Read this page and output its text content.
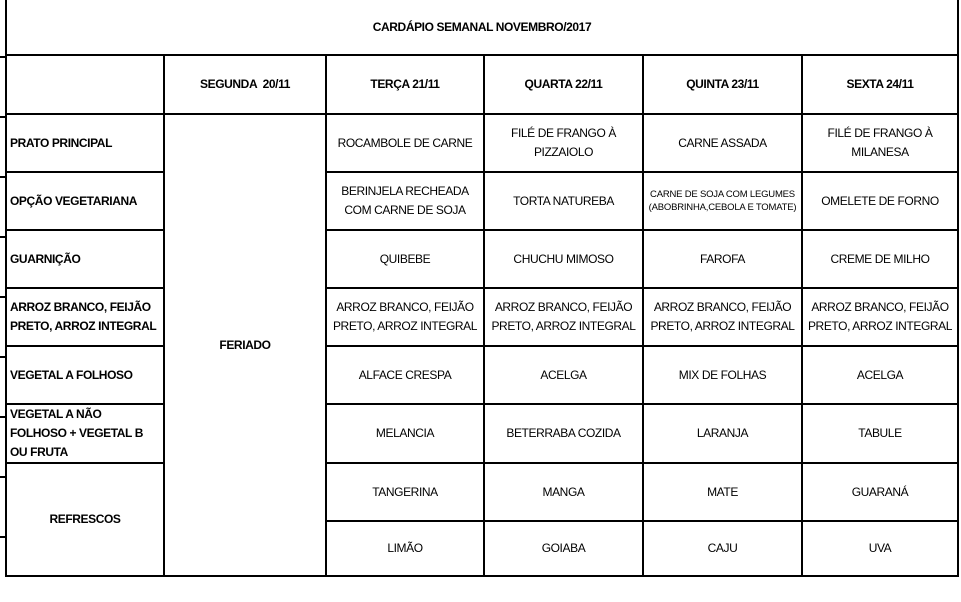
CARDÁPIO SEMANAL NOVEMBRO/2017					
	SEGUNDA  20/11	TERÇA 21/11	QUARTA 22/11	QUINTA 23/11	SEXTA 24/11
PRATO PRINCIPAL	FERIADO	ROCAMBOLE DE CARNE	FILÉ DE FRANGO À PIZZAIOLO	CARNE ASSADA	FILÉ DE FRANGO À MILANESA
OPÇÃO VEGETARIANA		BERINJELA RECHEADA COM CARNE DE SOJA	TORTA NATUREBA	CARNE DE SOJA COM LEGUMES (ABOBRINHA,CEBOLA E TOMATE)	OMELETE DE FORNO
GUARNIÇÃO		QUIBEBE	CHUCHU MIMOSO	FAROFA	CREME DE MILHO
ARROZ BRANCO, FEIJÃO PRETO, ARROZ INTEGRAL		ARROZ BRANCO, FEIJÃO PRETO, ARROZ INTEGRAL	ARROZ BRANCO, FEIJÃO PRETO, ARROZ INTEGRAL	ARROZ BRANCO, FEIJÃO PRETO, ARROZ INTEGRAL	ARROZ BRANCO, FEIJÃO PRETO, ARROZ INTEGRAL
VEGETAL A FOLHOSO		ALFACE CRESPA	ACELGA	MIX DE FOLHAS	ACELGA
VEGETAL A NÃO FOLHOSO + VEGETAL B OU FRUTA		MELANCIA	BETERRABA COZIDA	LARANJA	TABULE
REFRESCOS		TANGERINA	MANGA	MATE	GUARANÁ
		LIMÃO	GOIABA	CAJU	UVA
